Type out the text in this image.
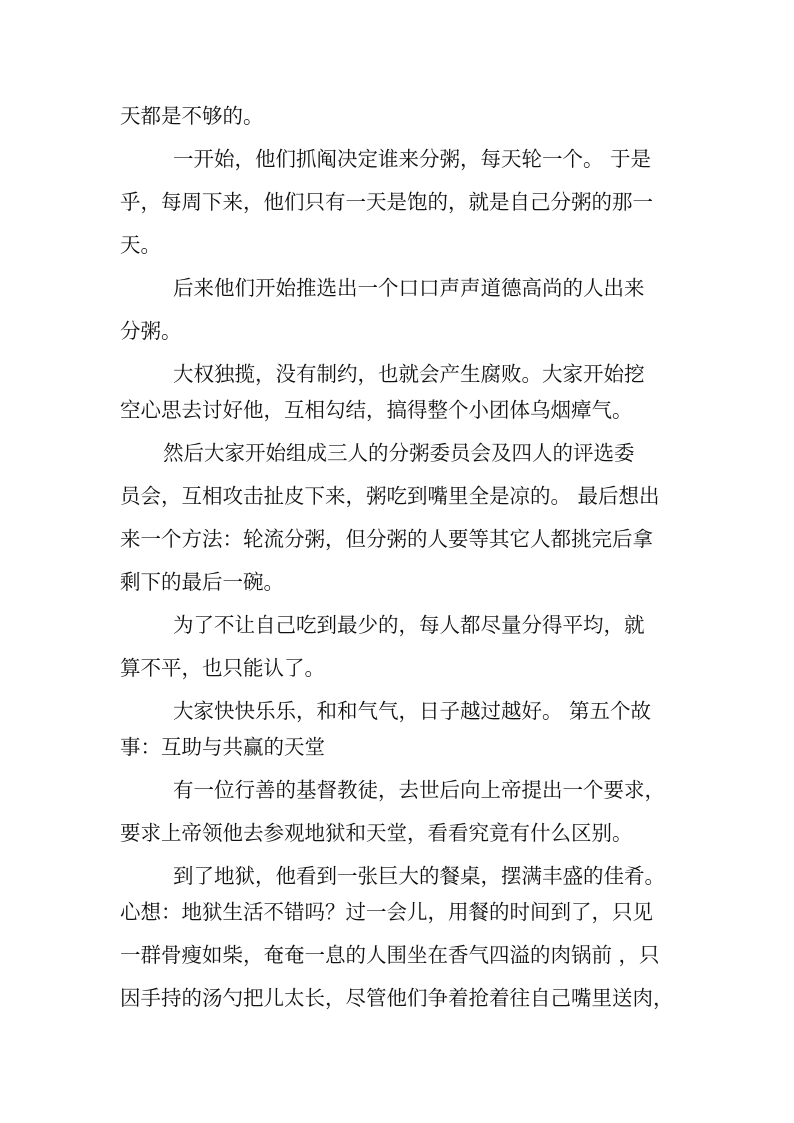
天都是不够的。
一开始，他们抓阄决定谁来分粥，每天轮一个。 于是
乎，每周下来，他们只有一天是饱的，就是自己分粥的那一
天。
后来他们开始推选出一个口口声声道德高尚的人出来
分粥。
大权独揽，没有制约，也就会产生腐败。大家开始挖
空心思去讨好他，互相勾结，搞得整个小团体乌烟瘴气。
然后大家开始组成三人的分粥委员会及四人的评选委
员会，互相攻击扯皮下来，粥吃到嘴里全是凉的。 最后想出
来一个方法：轮流分粥，但分粥的人要等其它人都挑完后拿
剩下的最后一碗。
为了不让自己吃到最少的，每人都尽量分得平均，就
算不平，也只能认了。
大家快快乐乐，和和气气，日子越过越好。 第五个故
事：互助与共赢的天堂
有一位行善的基督教徒，去世后向上帝提出一个要求，
要求上帝领他去参观地狱和天堂，看看究竟有什么区别。
到了地狱，他看到一张巨大的餐桌，摆满丰盛的佳肴。
心想：地狱生活不错吗？过一会儿，用餐的时间到了，只见
一群骨瘦如柴，奄奄一息的人围坐在香气四溢的肉锅前 ，只
因手持的汤勺把儿太长，尽管他们争着抢着往自己嘴里送肉，
